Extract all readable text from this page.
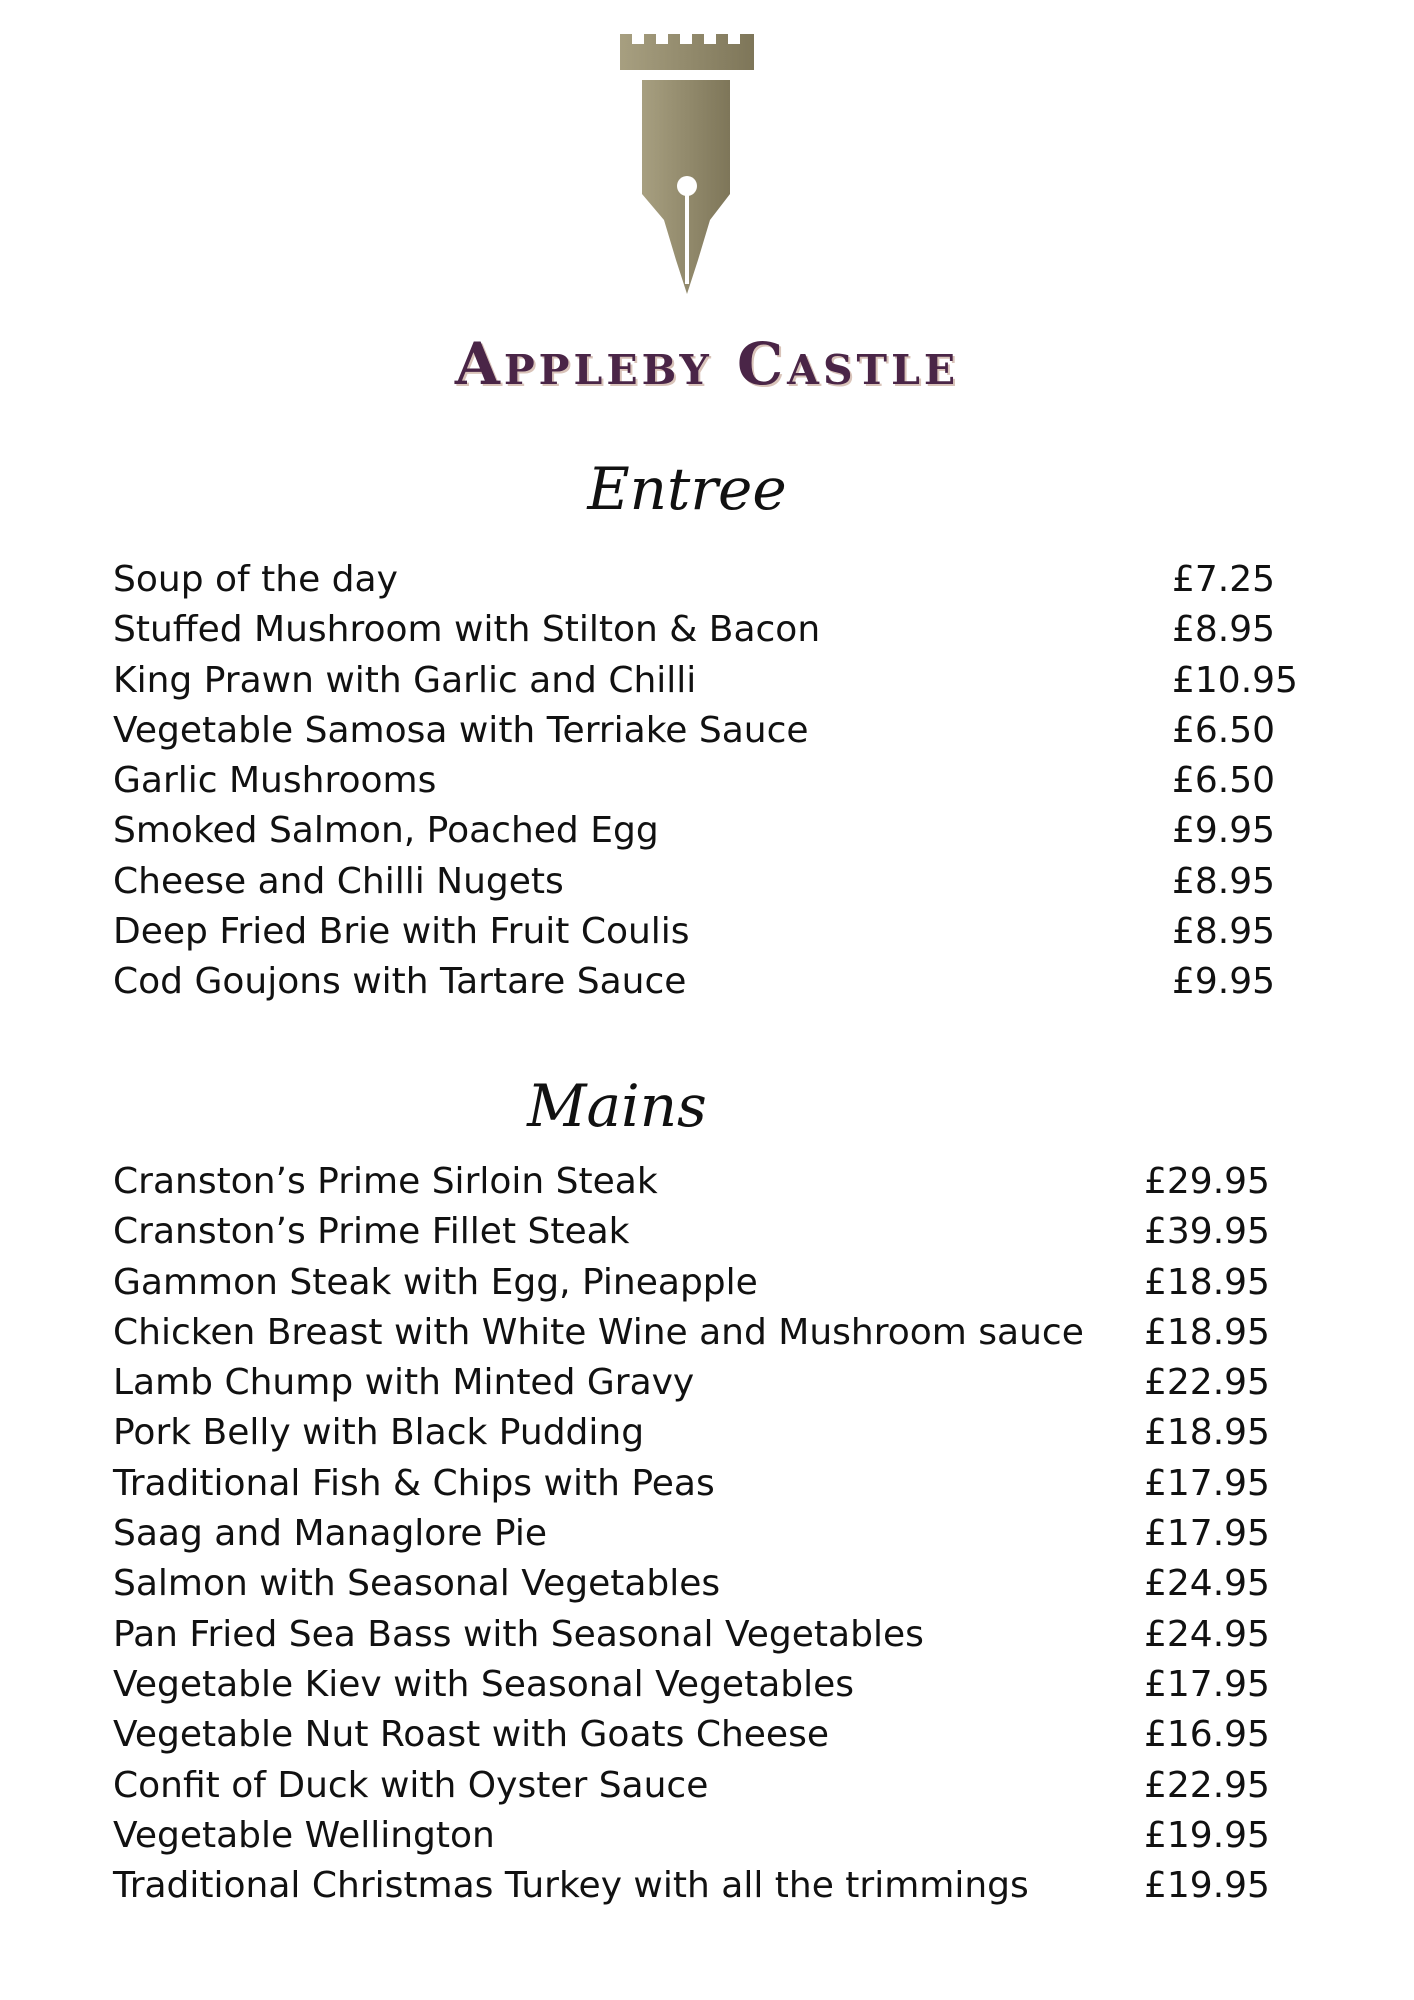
Appleby Castle
Entree
Soup of the day	£7.25
Stuffed Mushroom with Stilton & Bacon	£8.95
King Prawn with Garlic and Chilli	£10.95
Vegetable Samosa with Terriake Sauce	£6.50
Garlic Mushrooms	£6.50
Smoked Salmon, Poached Egg	£9.95
Cheese and Chilli Nugets	£8.95
Deep Fried Brie with Fruit Coulis	£8.95
Cod Goujons with Tartare Sauce	£9.95
Mains
Cranston’s Prime Sirloin Steak	£29.95
Cranston’s Prime Fillet Steak	£39.95
Gammon Steak with Egg, Pineapple	£18.95
Chicken Breast with White Wine and Mushroom sauce £18.95
Lamb Chump with Minted Gravy	£22.95
Pork Belly with Black Pudding	£18.95
Traditional Fish & Chips with Peas	£17.95
Saag and Managlore Pie	£17.95
Salmon with Seasonal Vegetables	£24.95
Pan Fried Sea Bass with Seasonal Vegetables	£24.95
Vegetable Kiev with Seasonal Vegetables	£17.95
Vegetable Nut Roast with Goats Cheese	£16.95
Confit of Duck with Oyster Sauce	£22.95
Vegetable Wellington	£19.95
Traditional Christmas Turkey with all the trimmings	£19.95
